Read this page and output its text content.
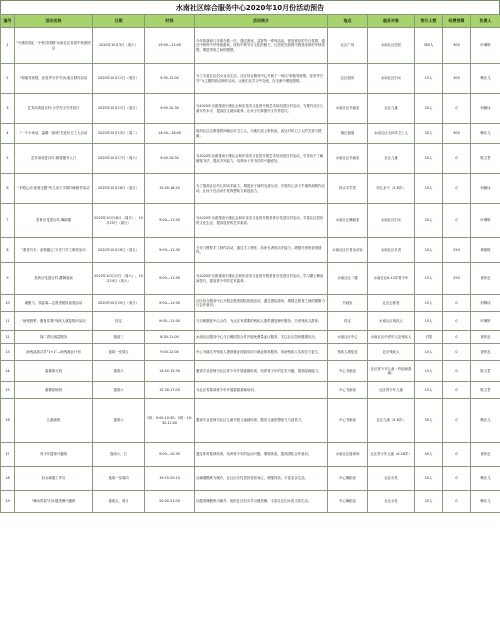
水南社区综合服务中心2020年10月份活动预告
编号	活动名称	日期	时间	活动简介	地点	服务对象	预计人数	经费预算	负责人
1	"小康彩园汇 · 中秋共团圆"水南社区首届中秋游园会	2020年10月3日（周六）	19:00—22:00	今年的我和几年都在做一次，通过游戏、益智等一系列活动，营造欢乐的节日氛围，通过中秋时中华传统游戏，体验中秋节日文化的魅力，让居民在游园中感受浓浓的中秋氛围，增进邻里之间的感情。	社区广场	水南社区居民	300人	300	叶琳婷
2	"和谐邻里情，爱食齐分享"妇女面点制作活动	2020年10月11日（周日）	9:30-12:00	为了丰富社区妇女业余生活，社区综合服务中心开展了一场以"和谐邻里情，爱食齐分享"为主题的面点制作活动，让她们在学习中交流，在交流中增进感情。	社区厨房	水南社区妇女	15人	300	赖乐儿
3	艺术培训进百村-小学作文写作技巧	2020年10月11日（周日）	9:00-10:30	为2020年全面建成小康社会和东莞市文化馆开展艺术培训进百村活动，为提升社区儿童写作水平，提高语文阅读素养，让孩子们掌握作文写作技巧。	水南社区书画室	社区儿童	20人	0	何佩诗
4	"一个小举动，温暖一座城"关爱环卫工人活动	2020年10月13日（周二）	14:00—16:00	组织社区志愿者慰问辖区环卫工人，为他们送上慰问品，表达对环卫工人的关爱与感谢。	辖区街道	水南社区全体环卫工人	30人	500	赖乐儿
5	艺术培训进百村-硬笔楷书入门	2020年10月17日（周六）	9:00-10:30	为2020年全面建成小康社会和东莞市文化馆开展艺术培训进百村活动，引导孩子了解硬笔书法，提高书写能力，培养孩子对书法的兴趣爱好。	水南社区书画室	社区儿童	20人	0	陈卫君
6	"手眼心动·创意无限"幼儿亲子手指印画制作活动	2020年10月18日（周日）	15:00-16:30	为了提高社区幼儿的动手能力，增进亲子间的交流互动，开展幼儿亲子手指印画制作活动，让孩子在活动中发挥想象力和创造力。	四点半学堂	幼儿亲子（3-6岁）	10人	0	何佩诗
7	美育沙龙进百村-舞蹈课	2020年10月18日（周日）、10月25日（周日）	9:00—11:00	为2020年全面建成小康社会和东莞市文化馆开展美育沙龙进百村活动，丰富社区居民的文化生活，提高居民的艺术素养。	水南社区舞蹈室	水南社区妇女	20人	0	叶琳婷
8	"重老巧手，爱我健心"天安门手工制作活动	2020年10月16日（周五）	9:00—11:30	天安门模型手工制作活动，通过手工制作，培养长者的动手能力，增强长者的爱国情怀。	水南社区长者活动室	水南社区长者	10人	250	黄艳桃
9	美育沙龙进百村-爵舞表演	2020年10月17日（周六）、10月24日（周六）	9:00—11:00	为2020年全面建成小康社会和东莞市文化馆开展美育沙龙进百村活动，学习爵士舞表演技巧，提高青少年的艺术素养。	水南社区二楼	水南社区6-13岁青少年	15人	250	查梓良
10	凝聚力，零距离—志愿者团队拓展活动	2020年10月25日（周日）	9:00—11:00	社区综合服务中心开展志愿者团队拓展活动，通过团队游戏，增强志愿者之间的凝聚力与合作意识。	书画室	社区志愿者	15人	0	何佩诗
11	"助残圆梦，康复你我"残疾人康复慰问活动	待定	9:00—11:00	与石碣康复中心合作，为社区有需要的残疾人提供康复理疗服务，关爱残疾人群体。	待定	水南社区残疾人	15人	0	叶琳婷
12	闻二酉压测量服务	逢周三	8:30-11:00	水南社区服务中心与石碣医院合作开展免费量血压服务，关注社区居民健康状况。	水南社区中心	水南社区中老年人及残疾人	不限	0	查梓良
13	助残成真共享"1+1"—助残就业计划	逢周一至周五	9:00-12:00	中心为辖区内残疾人提供就业技能培训与就业推荐服务，协助残疾人实现自力更生。	残疾人康复室	社区残疾人	10人	0	查梓良
14	素描练习班	逢周六	14:00-15:30	邀请专业老师为社区青少年开展素描培训，培养青少年的艺术兴趣，提高绘画能力。	中心书画室	社区青少年儿童（有绘画基础）	15人	0	陈卫君
15	素描基础班	逢周六	15:30-17:00	为社区零基础青少年开展素描基础培训。	中心书画室	社区青少年儿童	15人	0	陈卫君
16	儿童画班	逢周六	1班：9:00-10:30；2班：10:30-12:00	邀请专业老师为社区儿童开展儿童画培训，激发儿童的想象力与创造力。	中心书画室	社区儿童（5-8岁）	30人	0	赖乐儿
17	青少年篮球兴趣班	逢周六、日	9:00—10:30	通过体育篮球培训，培养青少年的运动兴趣，增强体质，提高团队合作意识。	水南社区篮球场	社区青少年儿童（6-18岁）	40人	0	查梓良
18	妇女瑜伽工作坊	逢周一至周四	19:15-20:15	以瑜伽锻炼为媒介，让社区女性居民放松身心，增强体质，丰富业余生活。	中心舞蹈室	社区女性	20人	0	赖乐儿
19	"舞动青春"妇女健美操兴趣班	逢周五、周日	20:00-21:00	以健美操锻炼为媒介，组织社区妇女学习健美操，丰富社区妇女的文体生活。	中心舞蹈室	社区女性	20人	0	赖乐儿
